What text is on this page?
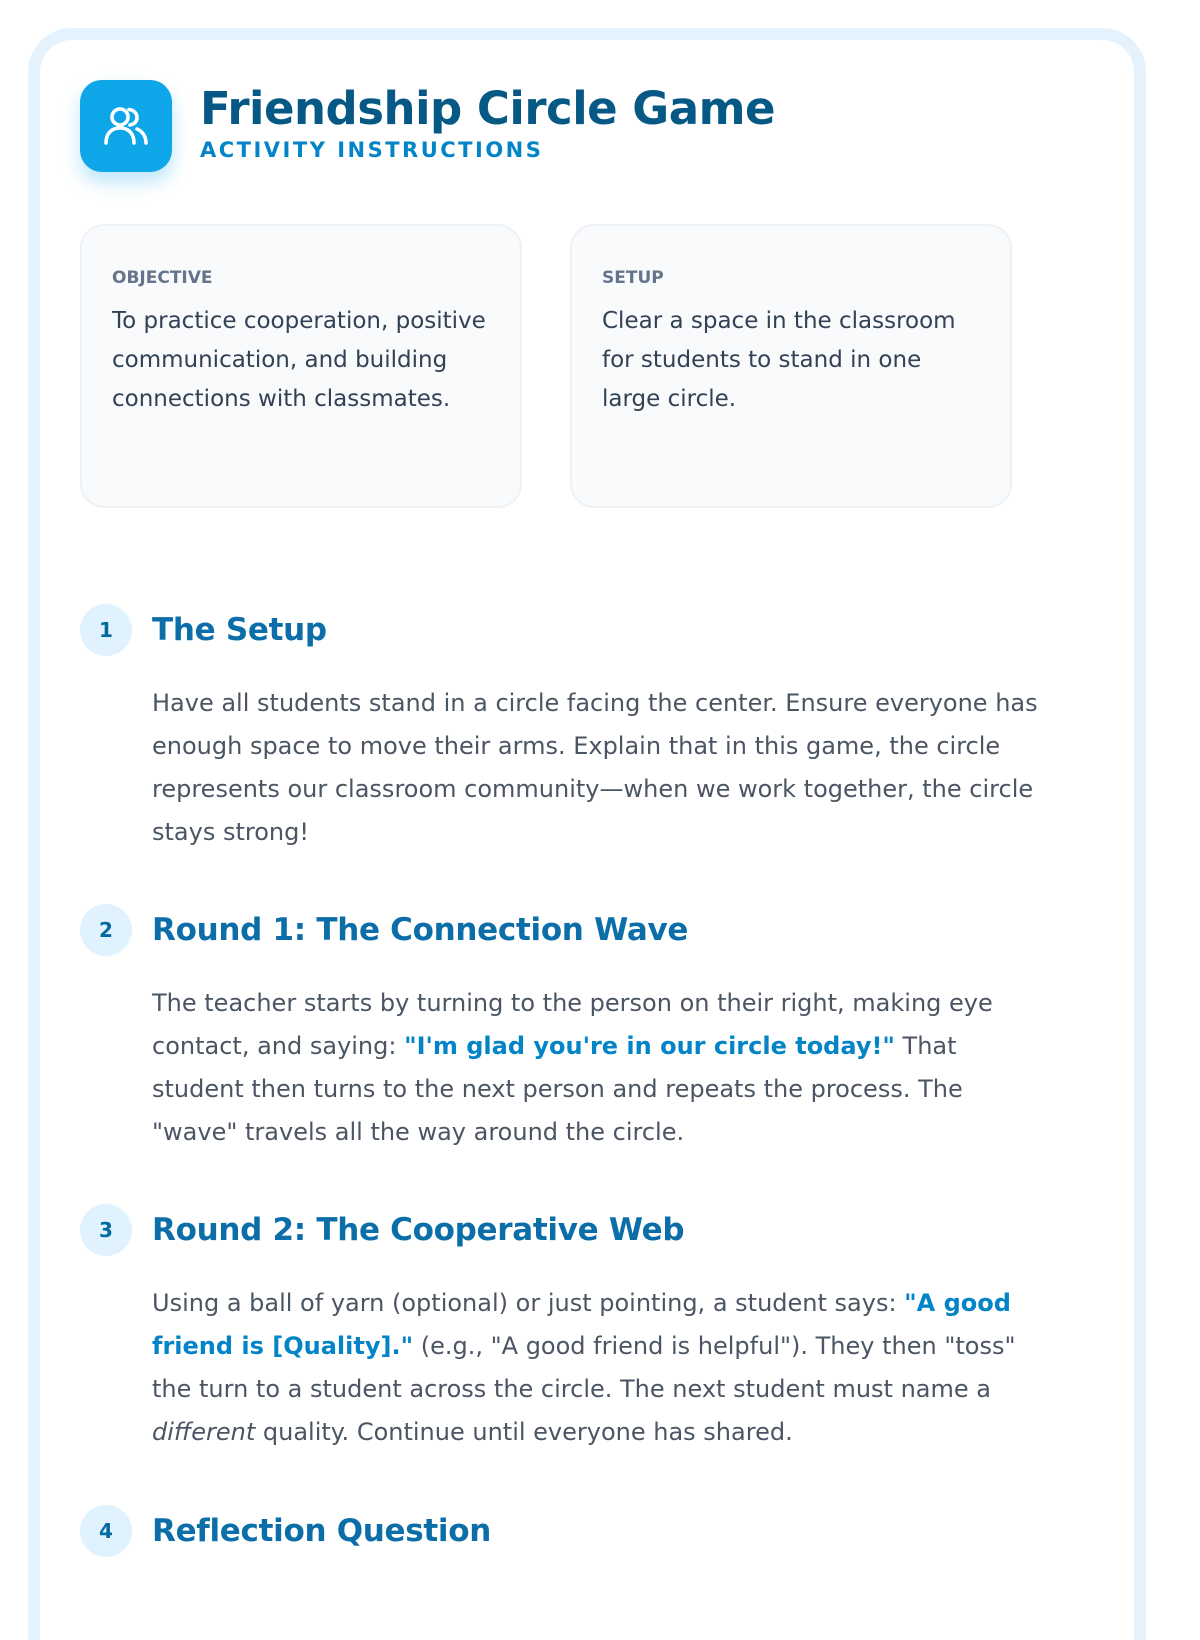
Friendship Circle Game
ACTIVITY INSTRUCTIONS
OBJECTIVE
To practice cooperation, positive communication, and building connections with classmates.
SETUP
Clear a space in the classroom for students to stand in one large circle.
1	The Setup
Have all students stand in a circle facing the center. Ensure everyone has enough space to move their arms. Explain that in this game, the circle represents our classroom community—when we work together, the circle stays strong!
2	Round 1: The Connection Wave
The teacher starts by turning to the person on their right, making eye contact, and saying: "I'm glad you're in our circle today!" That student then turns to the next person and repeats the process. The "wave" travels all the way around the circle.
3	Round 2: The Cooperative Web
Using a ball of yarn (optional) or just pointing, a student says: "A good friend is [Quality]." (e.g., "A good friend is helpful"). They then "toss" the turn to a student across the circle. The next student must name a different quality. Continue until everyone has shared.
4	Reflection Question
